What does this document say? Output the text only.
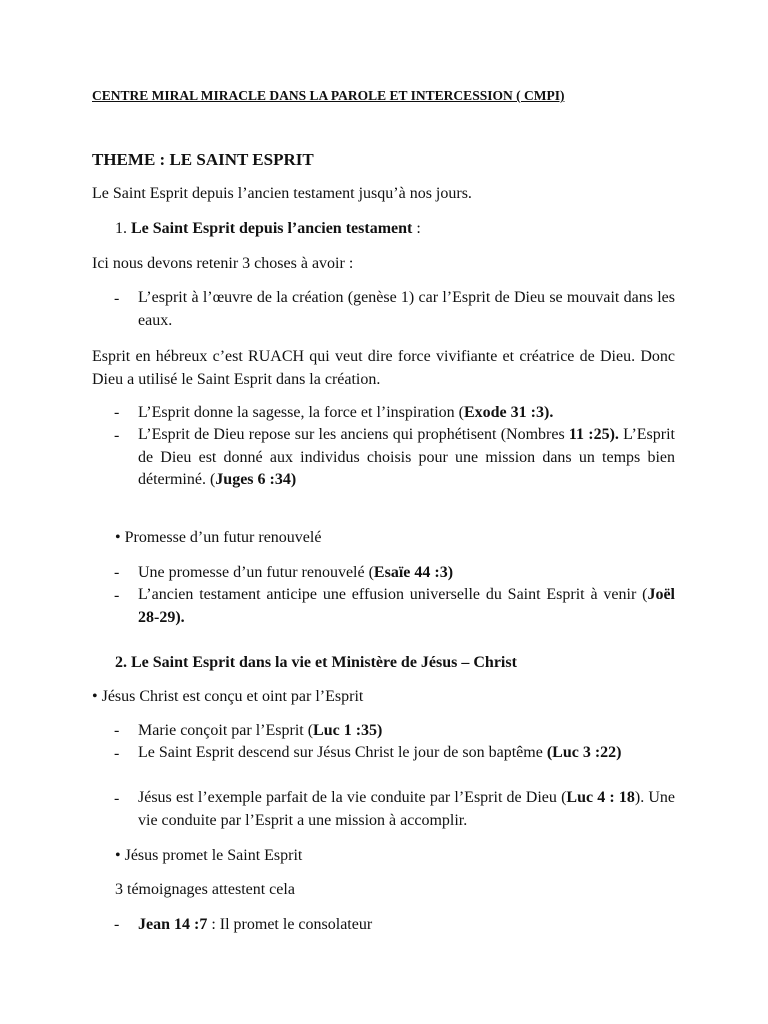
CENTRE MIRAL MIRACLE DANS LA PAROLE ET INTERCESSION ( CMPI)
THEME : LE SAINT ESPRIT
Le Saint Esprit depuis l’ancien testament jusqu’à nos jours.
1. Le Saint Esprit depuis l’ancien testament :
Ici nous devons retenir 3 choses à avoir :
- L’esprit à l’œuvre de la création (genèse 1) car l’Esprit de Dieu se mouvait dans les eaux.
Esprit en hébreux c’est RUACH qui veut dire force vivifiante et créatrice de Dieu. Donc Dieu a utilisé le Saint Esprit dans la création.
- L’Esprit donne la sagesse, la force et l’inspiration (Exode 31 :3).
- L’Esprit de Dieu repose sur les anciens qui prophétisent (Nombres 11 :25). L’Esprit de Dieu est donné aux individus choisis pour une mission dans un temps bien déterminé. (Juges 6 :34)
• Promesse d’un futur renouvelé
- Une promesse d’un futur renouvelé (Esaïe 44 :3)
- L’ancien testament anticipe une effusion universelle du Saint Esprit à venir (Joël 28-29).
2. Le Saint Esprit dans la vie et Ministère de Jésus – Christ
• Jésus Christ est conçu et oint par l’Esprit
- Marie conçoit par l’Esprit (Luc 1 :35)
- Le Saint Esprit descend sur Jésus Christ le jour de son baptême (Luc 3 :22)
- Jésus est l’exemple parfait de la vie conduite par l’Esprit de Dieu (Luc 4 : 18). Une vie conduite par l’Esprit a une mission à accomplir.
• Jésus promet le Saint Esprit
3 témoignages attestent cela
- Jean 14 :7 : Il promet le consolateur
